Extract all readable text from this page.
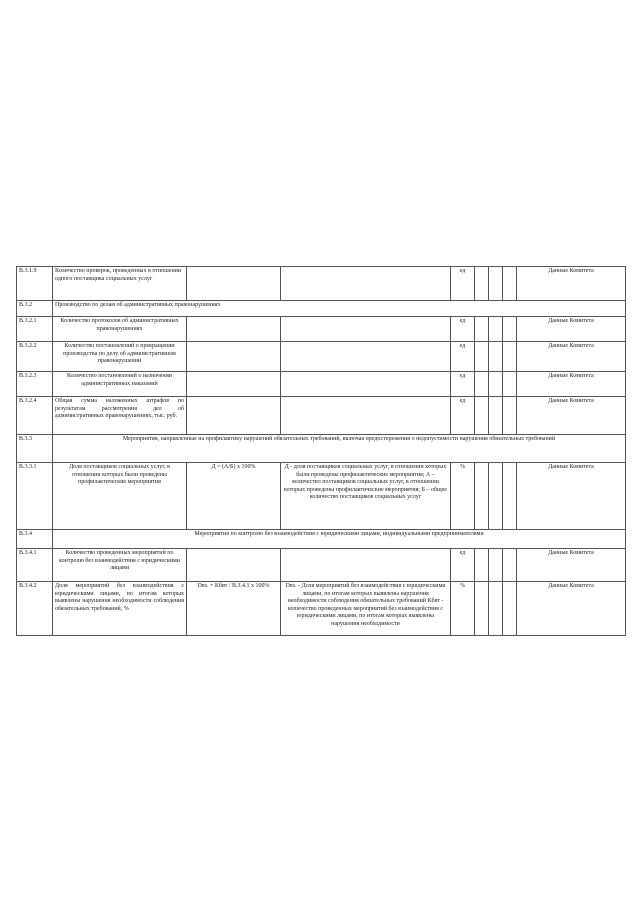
В.3.1.9	Количество проверок, проведенных в отношении одного поставщика социальных услуг			ед				Данные Комитета
В.3.2	Производство по делам об административных правонарушениях							
В.3.2.1	Количество протоколов об административных правонарушениях			ед				Данные Комитета
В.3.2.2	Количество постановлений о прекращении производства по делу об административном правонарушении			ед				Данные Комитета
В.3.2.3	Количество постановлений о назначении административных наказаний			ед				Данные Комитета
В.3.2.4	Общая сумма наложенных штрафов по результатам рассмотрения дел об административных правонарушениях, тыс. руб.			ед				Данные Комитета
В.3.3	Мероприятия, направленные на профилактику нарушений обязательных требований, включая предостережения о недопустимости нарушения обязательных требований							
В.3.3.1	Доля поставщиков социальных услуг, в отношении которых были проведены профилактические мероприятия	Д = (А/Б) х 100%	Д - доля поставщиков социальных услуг, в отношении которых были проведены профилактические мероприятия; А – количество поставщиков социальных услуг, в отношении которых проведены профилактические мероприятия; Б – общее количество поставщиков социальных услуг	%				Данные Комитета
В.3.4	Мероприятия по контролю без взаимодействия с юридическими лицами, индивидуальными предпринимателями							
В.3.4.1	Количество проведенных мероприятий по контролю без взаимодействия с юридическими лицами			ед				Данные Комитета
В.3.4.2	Доля мероприятий без взаимодействия с юридическими лицами, по итогам которых выявлены нарушения необходимости соблюдения обязательных требований, %	Dвз. = Кбвт / В.3.4.1 х 100%	Dвз. - Доля мероприятий без взаимодействия с юридическими лицами, по итогам которых выявлены нарушения необходимости соблюдения обязательных требований Кбвт - количество проведенных мероприятий без взаимодействия с юридическими лицами, по итогам которых выявлены нарушения необходимости	%				Данные Комитета
